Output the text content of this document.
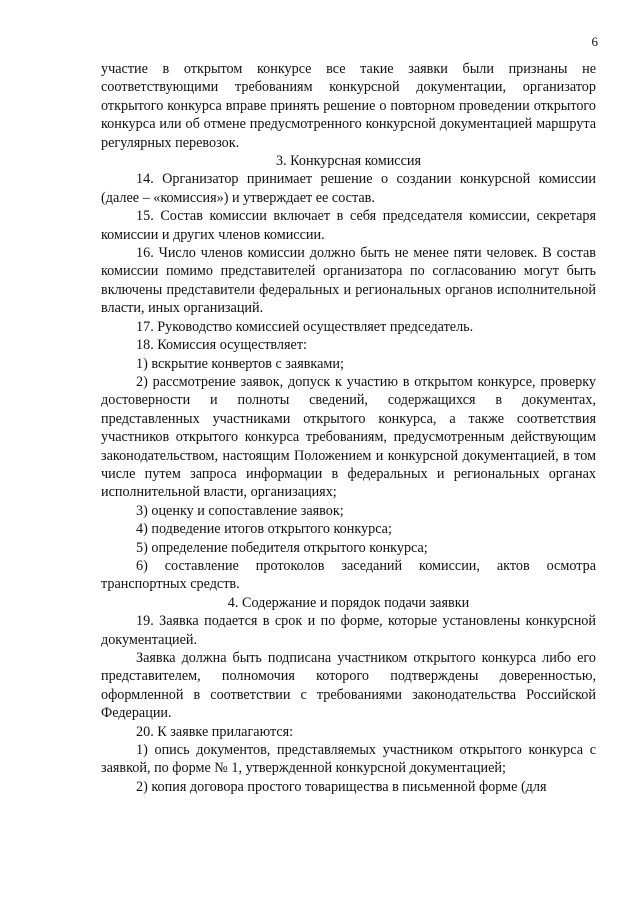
6

участие в открытом конкурсе все такие заявки были признаны не соответствующими требованиям конкурсной документации, организатор открытого конкурса вправе принять решение о повторном проведении открытого конкурса или об отмене предусмотренного конкурсной документацией маршрута регулярных перевозок.

3. Конкурсная комиссия

14. Организатор принимает решение о создании конкурсной комиссии (далее – «комиссия») и утверждает ее состав.

15. Состав комиссии включает в себя председателя комиссии, секретаря комиссии и других членов комиссии.

16. Число членов комиссии должно быть не менее пяти человек. В состав комиссии помимо представителей организатора по согласованию могут быть включены представители федеральных и региональных органов исполнительной власти, иных организаций.

17. Руководство комиссией осуществляет председатель.

18. Комиссия осуществляет:

1) вскрытие конвертов с заявками;

2) рассмотрение заявок, допуск к участию в открытом конкурсе, проверку достоверности и полноты сведений, содержащихся в документах, представленных участниками открытого конкурса, а также соответствия участников открытого конкурса требованиям, предусмотренным действующим законодательством, настоящим Положением и конкурсной документацией, в том числе путем запроса информации в федеральных и региональных органах исполнительной власти, организациях;

3) оценку и сопоставление заявок;

4) подведение итогов открытого конкурса;

5) определение победителя открытого конкурса;

6) составление протоколов заседаний комиссии, актов осмотра транспортных средств.

4. Содержание и порядок подачи заявки

19. Заявка подается в срок и по форме, которые установлены конкурсной документацией.

Заявка должна быть подписана участником открытого конкурса либо его представителем, полномочия которого подтверждены доверенностью, оформленной в соответствии с требованиями законодательства Российской Федерации.

20. К заявке прилагаются:

1) опись документов, представляемых участником открытого конкурса с заявкой, по форме № 1, утвержденной конкурсной документацией;

2) копия договора простого товарищества в письменной форме (для
